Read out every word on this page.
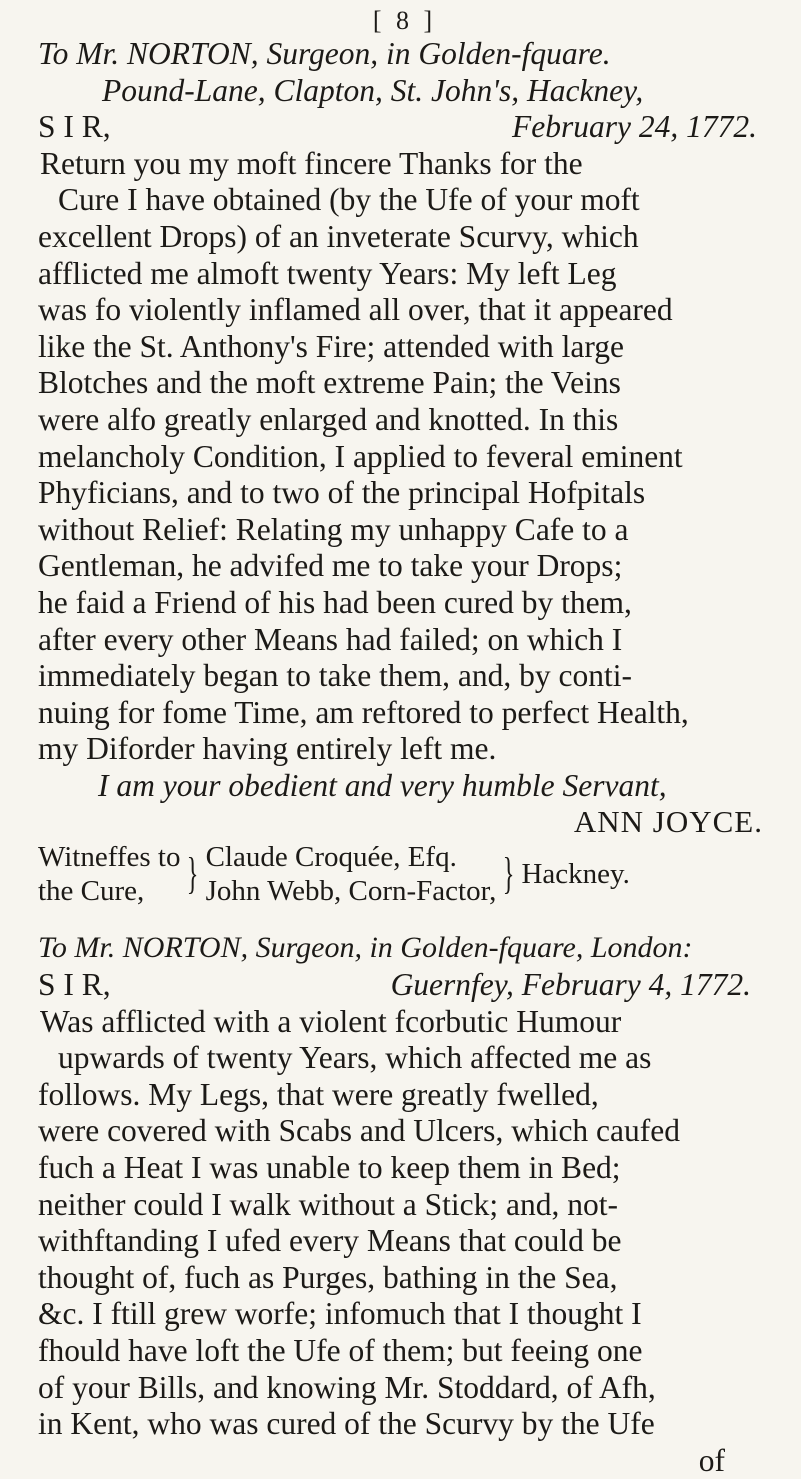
[ 8 ]
To Mr. NORTON, Surgeon, in Golden-fquare.
Pound-Lane, Clapton, St. John's, Hackney,
S I R,	February 24, 1772.
Return you my moft fincere Thanks for the
Cure I have obtained (by the Ufe of your moft
excellent Drops) of an inveterate Scurvy, which
afflicted me almoft twenty Years: My left Leg
was fo violently inflamed all over, that it appeared
like the St. Anthony's Fire; attended with large
Blotches and the moft extreme Pain; the Veins
were alfo greatly enlarged and knotted. In this
melancholy Condition, I applied to feveral eminent
Phyficians, and to two of the principal Hofpitals
without Relief: Relating my unhappy Cafe to a
Gentleman, he advifed me to take your Drops;
he faid a Friend of his had been cured by them,
after every other Means had failed; on which I
immediately began to take them, and, by conti-
nuing for fome Time, am reftored to perfect Health,
my Diforder having entirely left me.
I am your obedient and very humble Servant,
ANN JOYCE.
Witneffes to
the Cure, } Claude Croquée, Efq.
John Webb, Corn-Factor, } Hackney.
To Mr. NORTON, Surgeon, in Golden-fquare, London:
S I R,	Guernfey, February 4, 1772.
Was afflicted with a violent fcorbutic Humour
upwards of twenty Years, which affected me as
follows. My Legs, that were greatly fwelled,
were covered with Scabs and Ulcers, which caufed
fuch a Heat I was unable to keep them in Bed;
neither could I walk without a Stick; and, not-
withftanding I ufed every Means that could be
thought of, fuch as Purges, bathing in the Sea,
&c. I ftill grew worfe; infomuch that I thought I
fhould have loft the Ufe of them; but feeing one
of your Bills, and knowing Mr. Stoddard, of Afh,
in Kent, who was cured of the Scurvy by the Ufe
of
